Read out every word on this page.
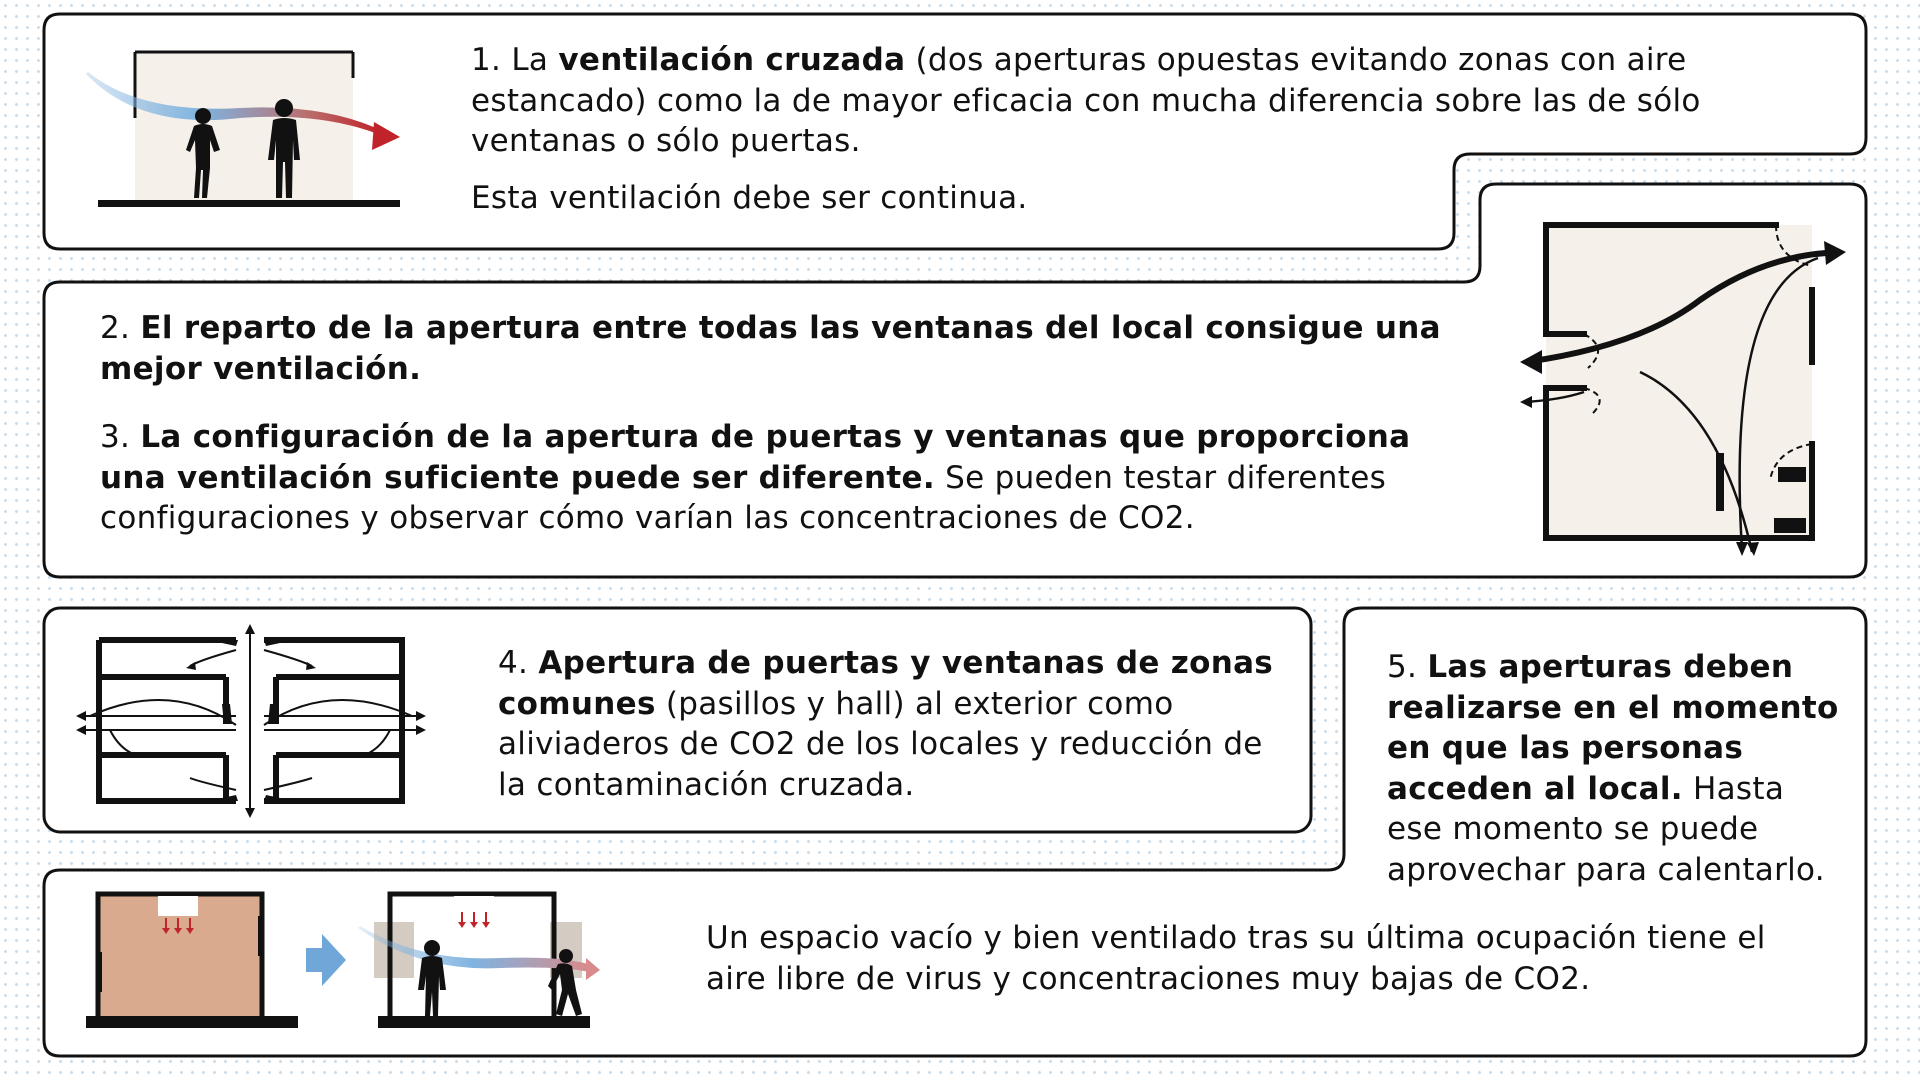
1. La ventilación cruzada (dos aperturas opuestas evitando zonas con aire estancado) como la de mayor eficacia con mucha diferencia sobre las de sólo ventanas o sólo puertas.

Esta ventilación debe ser continua.

2. El reparto de la apertura entre todas las ventanas del local consigue una mejor ventilación.

3. La configuración de la apertura de puertas y ventanas que proporciona una ventilación suficiente puede ser diferente. Se pueden testar diferentes configuraciones y observar cómo varían las concentraciones de CO2.

4. Apertura de puertas y ventanas de zonas comunes (pasillos y hall) al exterior como aliviaderos de CO2 de los locales y reducción de la contaminación cruzada.

5. Las aperturas deben realizarse en el momento en que las personas acceden al local. Hasta ese momento se puede aprovechar para calentarlo.

Un espacio vacío y bien ventilado tras su última ocupación tiene el aire libre de virus y concentraciones muy bajas de CO2.
